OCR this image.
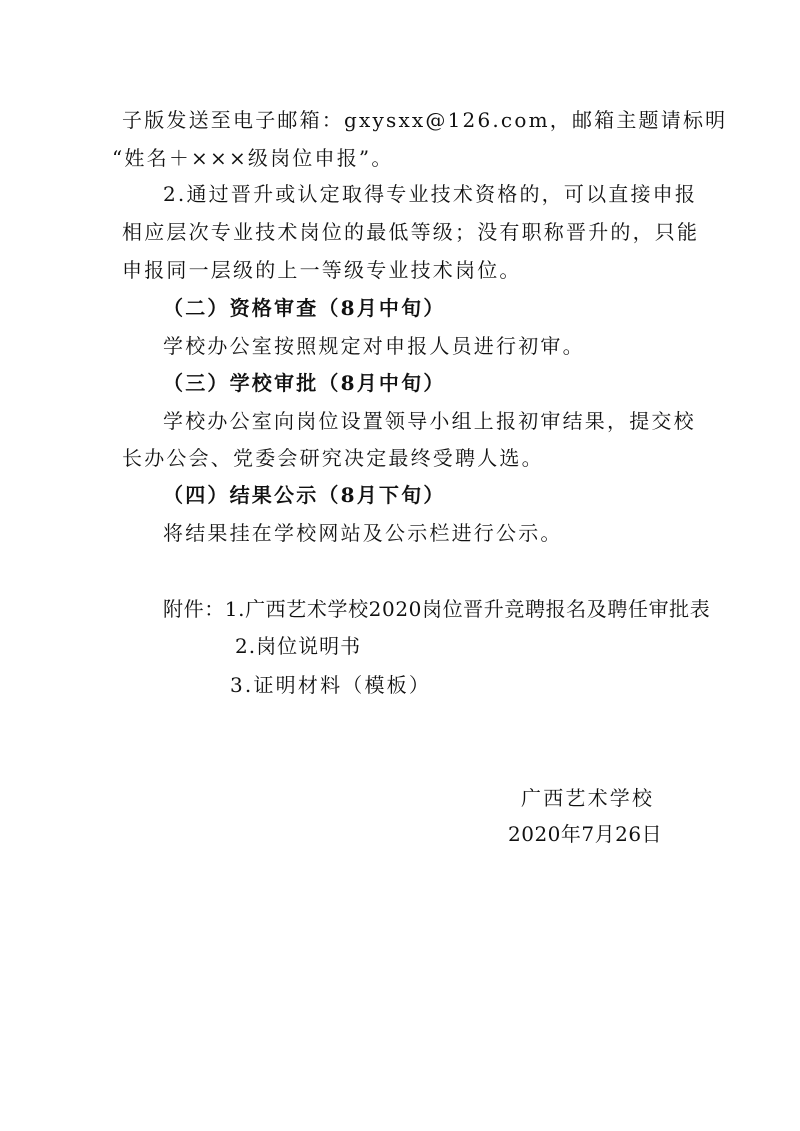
子版发送至电子邮箱：gxysxx@126.com，邮箱主题请标明
“姓名＋×××级岗位申报”。
2.通过晋升或认定取得专业技术资格的，可以直接申报
相应层次专业技术岗位的最低等级；没有职称晋升的，只能
申报同一层级的上一等级专业技术岗位。
（二）资格审查（8月中旬）
学校办公室按照规定对申报人员进行初审。
（三）学校审批（8月中旬）
学校办公室向岗位设置领导小组上报初审结果，提交校
长办公会、党委会研究决定最终受聘人选。
（四）结果公示（8月下旬）
将结果挂在学校网站及公示栏进行公示。
附件：1.广西艺术学校2020岗位晋升竞聘报名及聘任审批表
2.岗位说明书
3.证明材料（模板）
广西艺术学校
2020年7月26日
